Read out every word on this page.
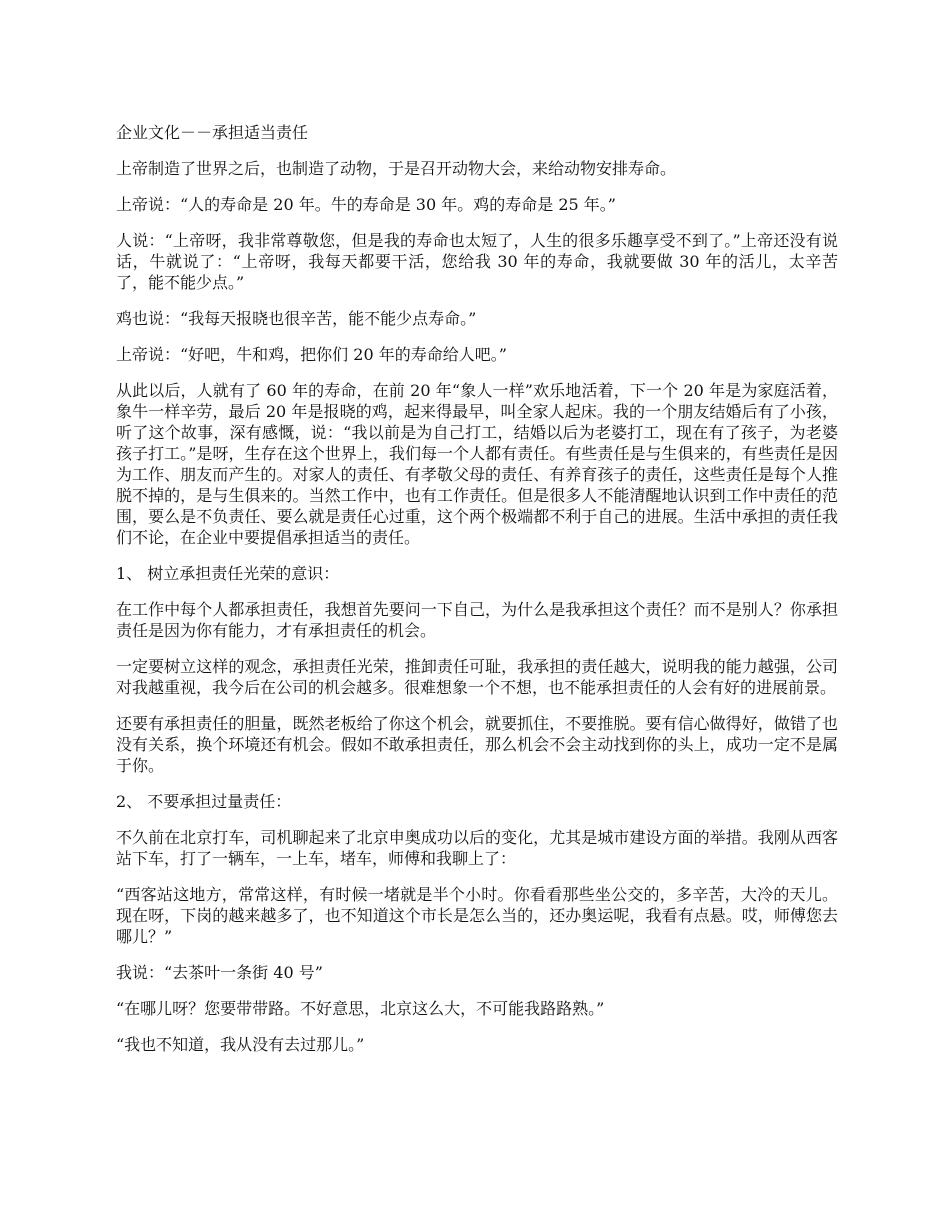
企业文化－－承担适当责任

上帝制造了世界之后，也制造了动物，于是召开动物大会，来给动物安排寿命。

上帝说：“人的寿命是 20 年。牛的寿命是 30 年。鸡的寿命是 25 年。”

人说：“上帝呀，我非常尊敬您，但是我的寿命也太短了，人生的很多乐趣享受不到了。”上帝还没有说话，牛就说了：“上帝呀，我每天都要干活，您给我 30 年的寿命，我就要做 30 年的活儿，太辛苦了，能不能少点。”

鸡也说：“我每天报晓也很辛苦，能不能少点寿命。”

上帝说：“好吧，牛和鸡，把你们 20 年的寿命给人吧。”

从此以后，人就有了 60 年的寿命，在前 20 年“象人一样”欢乐地活着，下一个 20 年是为家庭活着，象牛一样辛劳，最后 20 年是报晓的鸡，起来得最早，叫全家人起床。我的一个朋友结婚后有了小孩，听了这个故事，深有感慨，说：“我以前是为自己打工，结婚以后为老婆打工，现在有了孩子，为老婆孩子打工。”是呀，生存在这个世界上，我们每一个人都有责任。有些责任是与生俱来的，有些责任是因为工作、朋友而产生的。对家人的责任、有孝敬父母的责任、有养育孩子的责任，这些责任是每个人推脱不掉的，是与生俱来的。当然工作中，也有工作责任。但是很多人不能清醒地认识到工作中责任的范围，要么是不负责任、要么就是责任心过重，这个两个极端都不利于自己的进展。生活中承担的责任我们不论，在企业中要提倡承担适当的责任。

1、 树立承担责任光荣的意识：

在工作中每个人都承担责任，我想首先要问一下自己，为什么是我承担这个责任？而不是别人？你承担责任是因为你有能力，才有承担责任的机会。

一定要树立这样的观念，承担责任光荣，推卸责任可耻，我承担的责任越大，说明我的能力越强，公司对我越重视，我今后在公司的机会越多。很难想象一个不想，也不能承担责任的人会有好的进展前景。

还要有承担责任的胆量，既然老板给了你这个机会，就要抓住，不要推脱。要有信心做得好，做错了也没有关系，换个环境还有机会。假如不敢承担责任，那么机会不会主动找到你的头上，成功一定不是属于你。

2、 不要承担过量责任：

不久前在北京打车，司机聊起来了北京申奥成功以后的变化，尤其是城市建设方面的举措。我刚从西客站下车，打了一辆车，一上车，堵车，师傅和我聊上了：

“西客站这地方，常常这样，有时候一堵就是半个小时。你看看那些坐公交的，多辛苦，大冷的天儿。现在呀，下岗的越来越多了，也不知道这个市长是怎么当的，还办奥运呢，我看有点悬。哎，师傅您去哪儿？”

我说：“去茶叶一条街 40 号”

“在哪儿呀？您要带带路。不好意思，北京这么大，不可能我路路熟。”

“我也不知道，我从没有去过那儿。”
